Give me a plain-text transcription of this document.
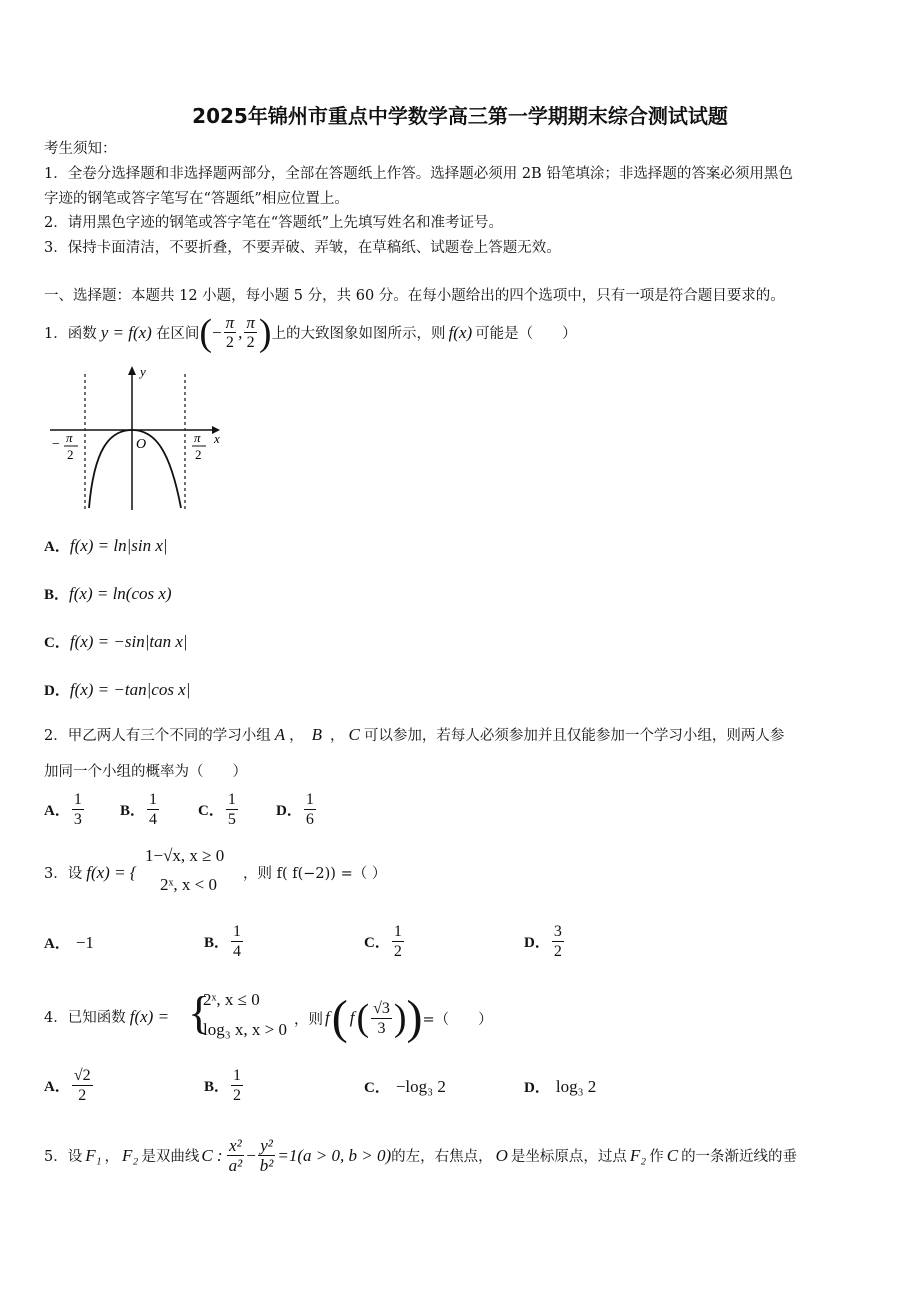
2025年锦州市重点中学数学高三第一学期期末综合测试试题
考生须知：
1．全卷分选择题和非选择题两部分，全部在答题纸上作答。选择题必须用 2B 铅笔填涂；非选择题的答案必须用黑色
字迹的钢笔或答字笔写在“答题纸”相应位置上。
2．请用黑色字迹的钢笔或答字笔在“答题纸”上先填写姓名和准考证号。
3．保持卡面清洁，不要折叠，不要弄破、弄皱，在草稿纸、试题卷上答题无效。
一、选择题：本题共 12 小题，每小题 5 分，共 60 分。在每小题给出的四个选项中，只有一项是符合题目要求的。
1．函数 y = f(x) 在区间 ( − $\frac{\pi}{2}$ , $\frac{\pi}{2}$ ) 上的大致图象如图所示，则 f(x) 可能是（　　）
y
x
O
− π
2
π
2
A．f(x) = ln|sin x|
B．f(x) = ln(cos x)
C．f(x) = −sin|tan x|
D．f(x) = −tan|cos x|
2．甲乙两人有三个不同的学习小组 A ， B ， C 可以参加，若每人必须参加并且仅能参加一个学习小组，则两人参
加同一个小组的概率为（　　）
A． $\frac{1}{3}$ B． $\frac{1}{4}$	C． $\frac{1}{5}$	D． $\frac{1}{6}$
3．设 f(x) = {
1−√x, x ≥ 0
2ˣ, x < 0
，则 f( f(−2)) =（ ）
A． −1	B． $\frac{1}{4}$	C． $\frac{1}{2}$	D． $\frac{3}{2}$
4．已知函数 f(x) = {
2ˣ, x ≤ 0
log₃ x, x > 0
，则 f ( f ( $\frac{√3}{3}$ ) ) =（　　）
A． $\frac{√2}{2}$	B． $\frac{1}{2}$	C． −log₃ 2	D． log₃ 2
5．设 F₁ ， F₂ 是双曲线 C : $\frac{\text{x²}}{\text{a²}} - \frac{\text{y²}}{\text{b²}} =1(a > 0$, b > 0) 的左，右焦点， O 是坐标原点，过点 F₂ 作 C 的一条渐近线的垂
